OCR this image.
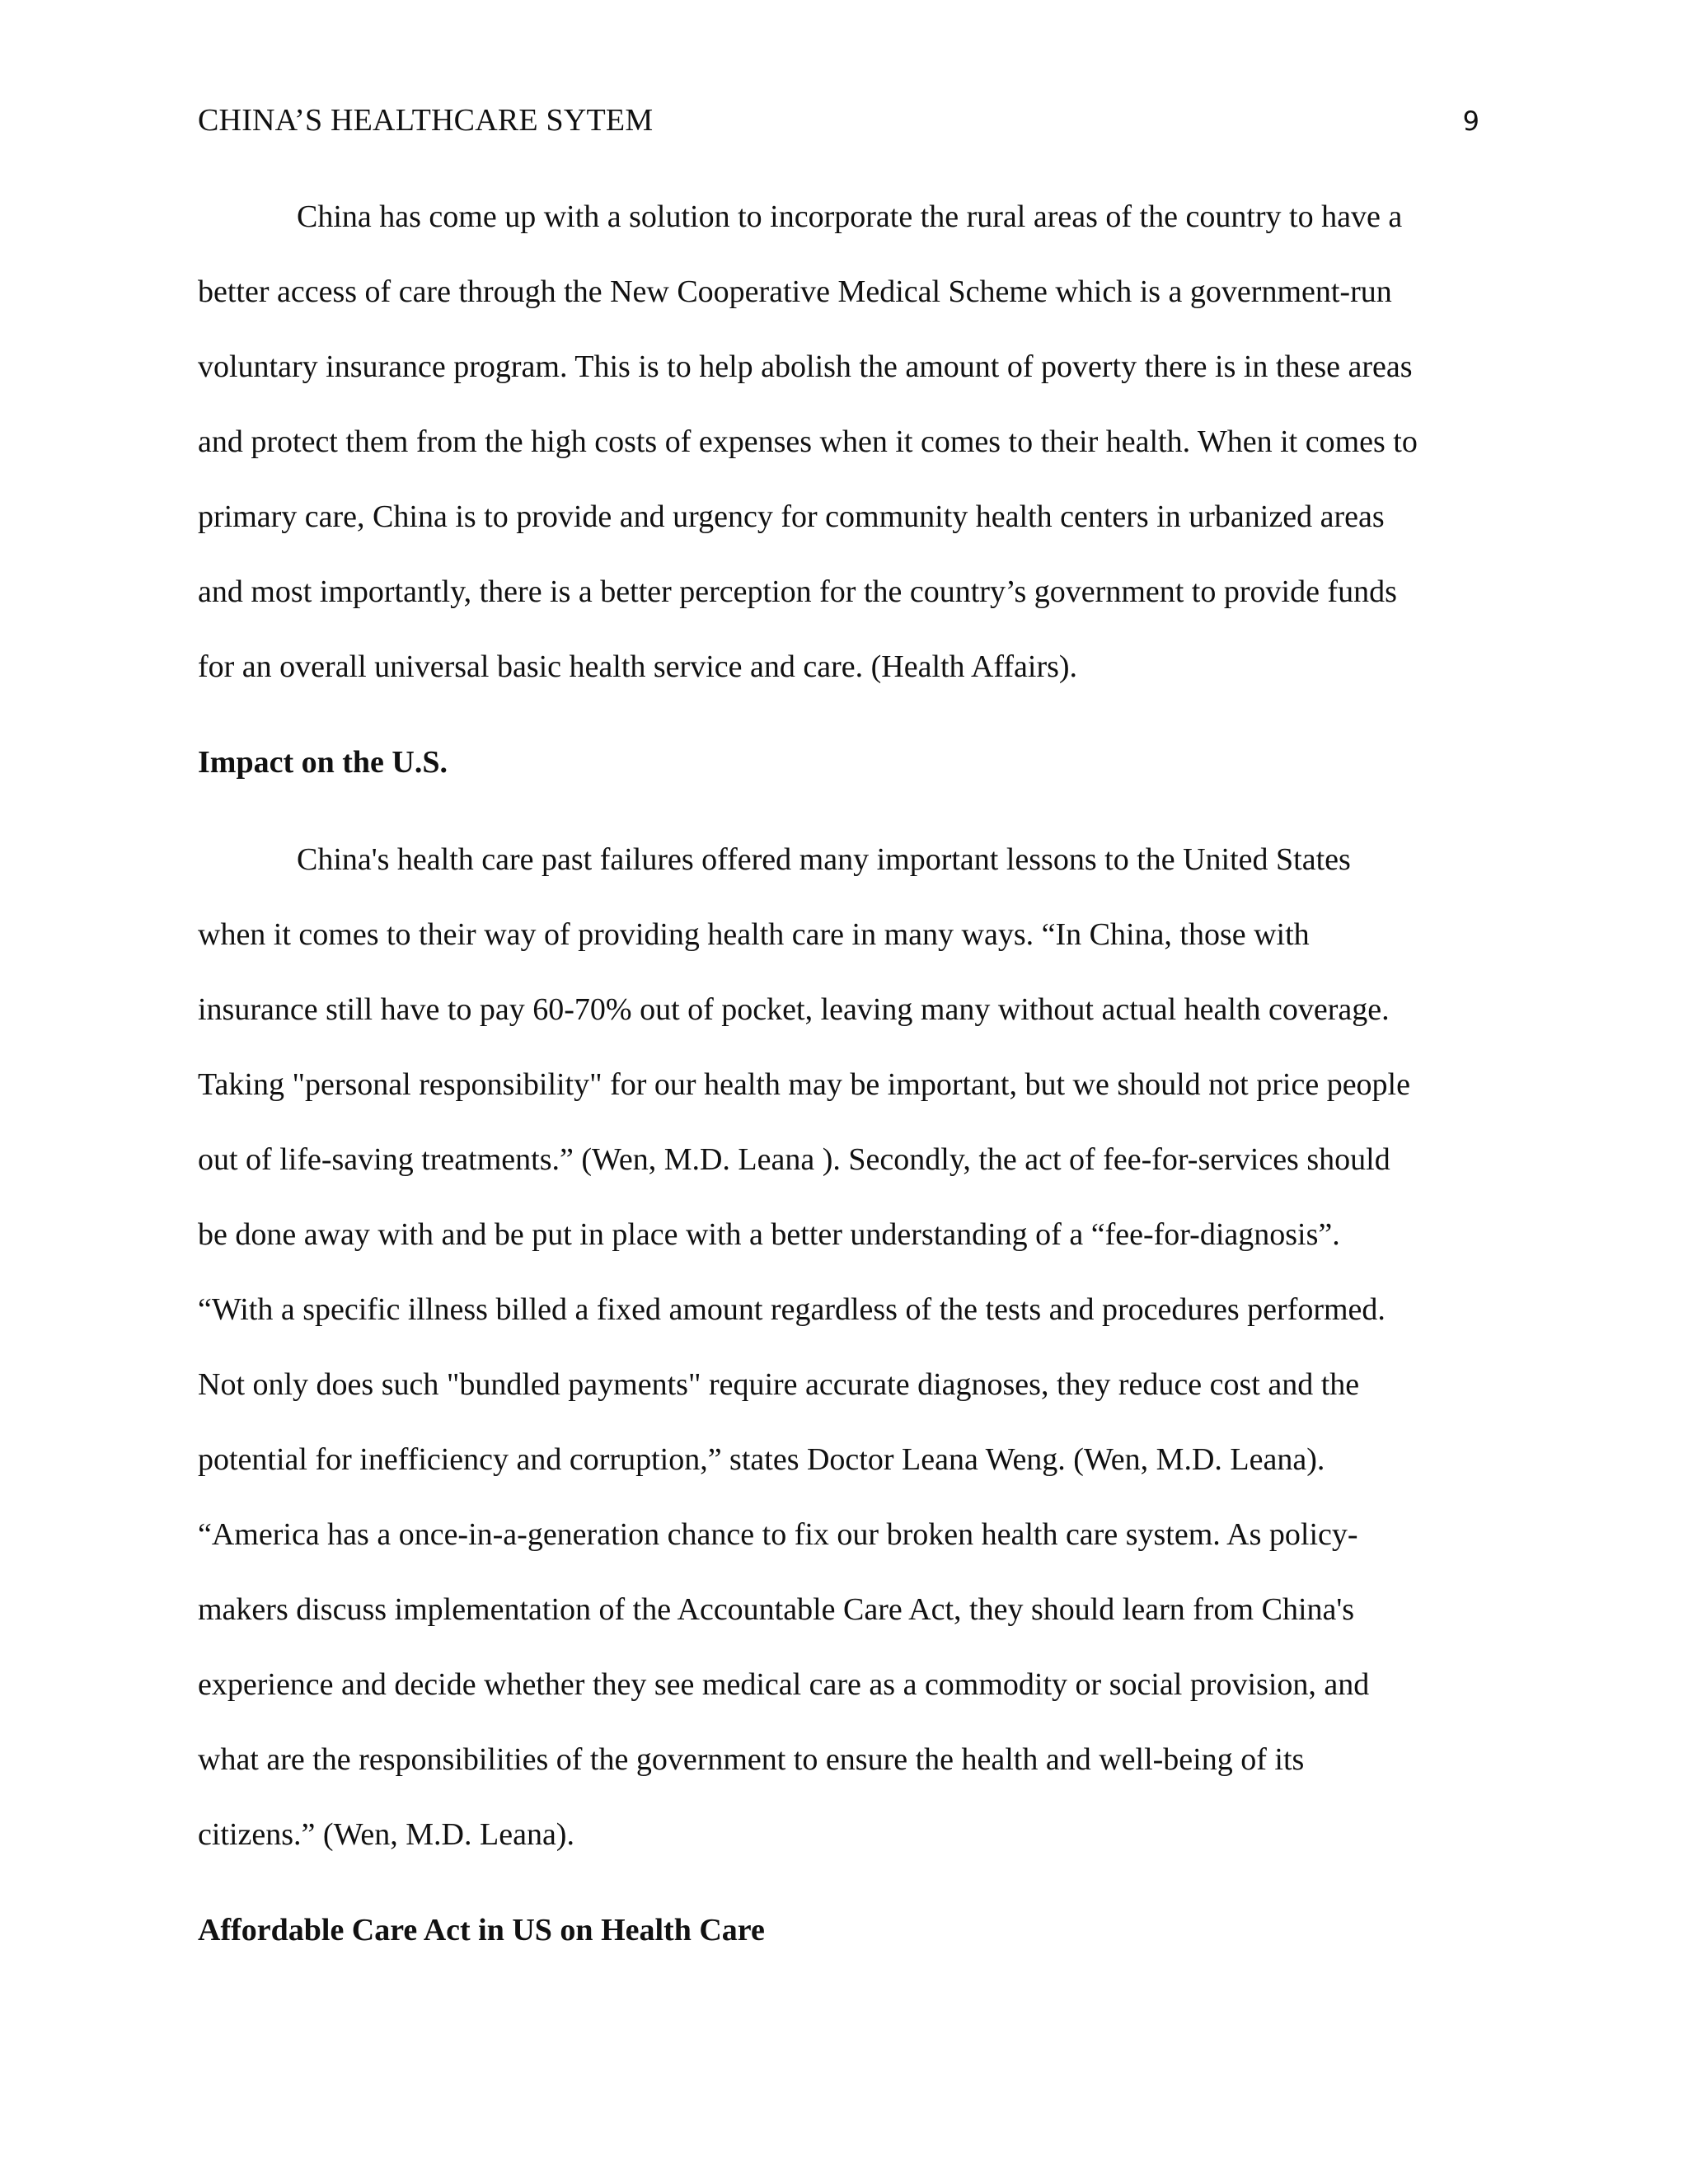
CHINA’S HEALTHCARE SYTEM	9
China has come up with a solution to incorporate the rural areas of the country to have a
better access of care through the New Cooperative Medical Scheme which is a government-run
voluntary insurance program. This is to help abolish the amount of poverty there is in these areas
and protect them from the high costs of expenses when it comes to their health. When it comes to
primary care, China is to provide and urgency for community health centers in urbanized areas
and most importantly, there is a better perception for the country’s government to provide funds
for an overall universal basic health service and care. (Health Affairs).
Impact on the U.S.
China's health care past failures offered many important lessons to the United States
when it comes to their way of providing health care in many ways. “In China, those with
insurance still have to pay 60-70% out of pocket, leaving many without actual health coverage.
Taking "personal responsibility" for our health may be important, but we should not price people
out of life-saving treatments.” (Wen, M.D. Leana ). Secondly, the act of fee-for-services should
be done away with and be put in place with a better understanding of a “fee-for-diagnosis”.
“With a specific illness billed a fixed amount regardless of the tests and procedures performed.
Not only does such "bundled payments" require accurate diagnoses, they reduce cost and the
potential for inefficiency and corruption,” states Doctor Leana Weng. (Wen, M.D. Leana).
“America has a once-in-a-generation chance to fix our broken health care system. As policy-
makers discuss implementation of the Accountable Care Act, they should learn from China's
experience and decide whether they see medical care as a commodity or social provision, and
what are the responsibilities of the government to ensure the health and well-being of its
citizens.” (Wen, M.D. Leana).
Affordable Care Act in US on Health Care
